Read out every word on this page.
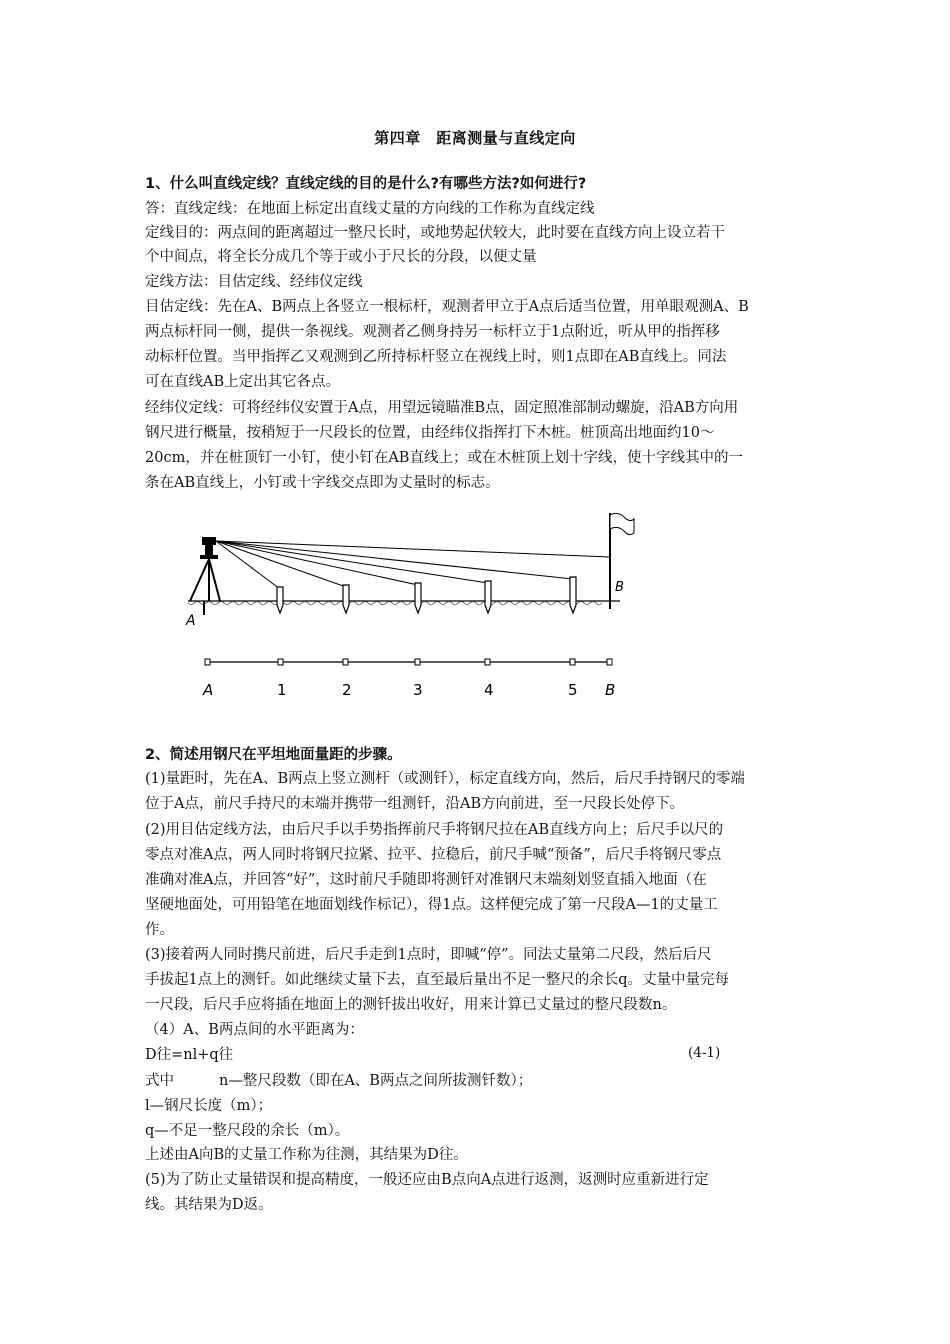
第四章　距离测量与直线定向
1、什么叫直线定线？直线定线的目的是什么?有哪些方法?如何进行?
答：直线定线：在地面上标定出直线丈量的方向线的工作称为直线定线
定线目的：两点间的距离超过一整尺长时，或地势起伏较大，此时要在直线方向上设立若干
个中间点，将全长分成几个等于或小于尺长的分段，以便丈量
定线方法：目估定线、经纬仪定线
目估定线：先在A、B两点上各竖立一根标杆，观测者甲立于A点后适当位置，用单眼观测A、B
两点标杆同一侧，提供一条视线。观测者乙侧身持另一标杆立于1点附近，听从甲的指挥移
动标杆位置。当甲指挥乙又观测到乙所持标杆竖立在视线上时，则1点即在AB直线上。同法
可在直线AB上定出其它各点。
经纬仪定线：可将经纬仪安置于A点，用望远镜瞄准B点，固定照准部制动螺旋，沿AB方向用
钢尺进行概量，按稍短于一尺段长的位置，由经纬仪指挥打下木桩。桩顶高出地面约10～
20cm，并在桩顶钉一小钉，使小钉在AB直线上；或在木桩顶上划十字线，使十字线其中的一
条在AB直线上，小钉或十字线交点即为丈量时的标志。
A
B
A	1	2	3	4	5 B
2、简述用钢尺在平坦地面量距的步骤。
(1)量距时，先在A、B两点上竖立测杆（或测钎），标定直线方向，然后，后尺手持钢尺的零端
位于A点，前尺手持尺的末端并携带一组测钎，沿AB方向前进，至一尺段长处停下。
(2)用目估定线方法，由后尺手以手势指挥前尺手将钢尺拉在AB直线方向上；后尺手以尺的
零点对准A点，两人同时将钢尺拉紧、拉平、拉稳后，前尺手喊“预备”，后尺手将钢尺零点
准确对准A点，并回答“好”，这时前尺手随即将测钎对准钢尺末端刻划竖直插入地面（在
坚硬地面处，可用铅笔在地面划线作标记），得1点。这样便完成了第一尺段A—1的丈量工
作。
(3)接着两人同时携尺前进，后尺手走到1点时，即喊“停”。同法丈量第二尺段，然后后尺
手拔起1点上的测钎。如此继续丈量下去，直至最后量出不足一整尺的余长q。丈量中量完每
一尺段，后尺手应将插在地面上的测钎拔出收好，用来计算已丈量过的整尺段数n。
（4）A、B两点间的水平距离为：
D往=nl+q往	(4-1)
式中	n—整尺段数（即在A、B两点之间所拔测钎数）；
l—钢尺长度（m）；
q—不足一整尺段的余长（m）。
上述由A向B的丈量工作称为往测，其结果为D往。
(5)为了防止丈量错误和提高精度，一般还应由B点向A点进行返测，返测时应重新进行定
线。其结果为D返。
